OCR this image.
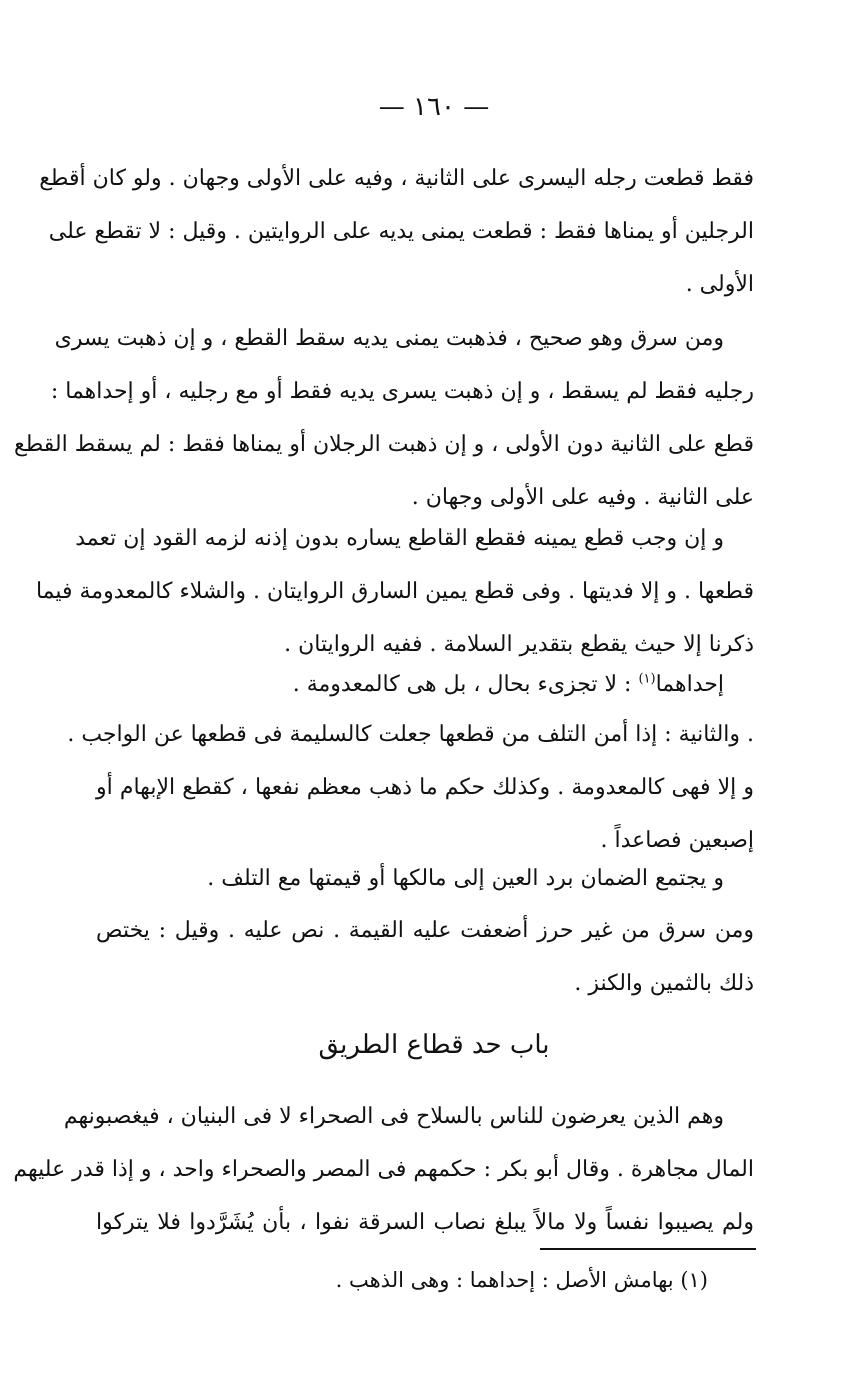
— ١٦٠ —
فقط قطعت رجله اليسرى على الثانية ، وفيه على الأولى وجهان . ولو كان أقطع
الرجلين أو يمناها فقط : قطعت يمنى يديه على الروايتين . وقيل : لا تقطع على
الأولى .
ومن سرق وهو صحيح ، فذهبت يمنى يديه سقط القطع ، و إن ذهبت يسرى
رجليه فقط لم يسقط ، و إن ذهبت يسرى يديه فقط أو مع رجليه ، أو إحداهما :
قطع على الثانية دون الأولى ، و إن ذهبت الرجلان أو يمناها فقط : لم يسقط القطع
على الثانية . وفيه على الأولى وجهان .
و إن وجب قطع يمينه فقطع القاطع يساره بدون إذنه لزمه القود إن تعمد
قطعها . و إلا فديتها . وفى قطع يمين السارق الروايتان . والشلاء كالمعدومة فيما
ذكرنا إلا حيث يقطع بتقدير السلامة . ففيه الروايتان .
إحداهما$^{(١)}$ : لا تجزىء بحال ، بل هى كالمعدومة .
. والثانية : إذا أمن التلف من قطعها جعلت كالسليمة فى قطعها عن الواجب .
و إلا فهى كالمعدومة . وكذلك حكم ما ذهب معظم نفعها ، كقطع الإبهام أو
إصبعين فصاعداً .
و يجتمع الضمان برد العين إلى مالكها أو قيمتها مع التلف .
ومن سرق من غير حرز أضعفت عليه القيمة . نص عليه . وقيل : يختص
ذلك بالثمين والكنز .
باب حد قطاع الطريق
وهم الذين يعرضون للناس بالسلاح فى الصحراء لا فى البنيان ، فيغصبونهم
المال مجاهرة . وقال أبو بكر : حكمهم فى المصر والصحراء واحد ، و إذا قدر عليهم
ولم يصيبوا نفساً ولا مالاً يبلغ نصاب السرقة نفوا ، بأن يُشَرَّدوا فلا يتركوا
(١) بهامش الأصل : إحداهما : وهى الذهب .
